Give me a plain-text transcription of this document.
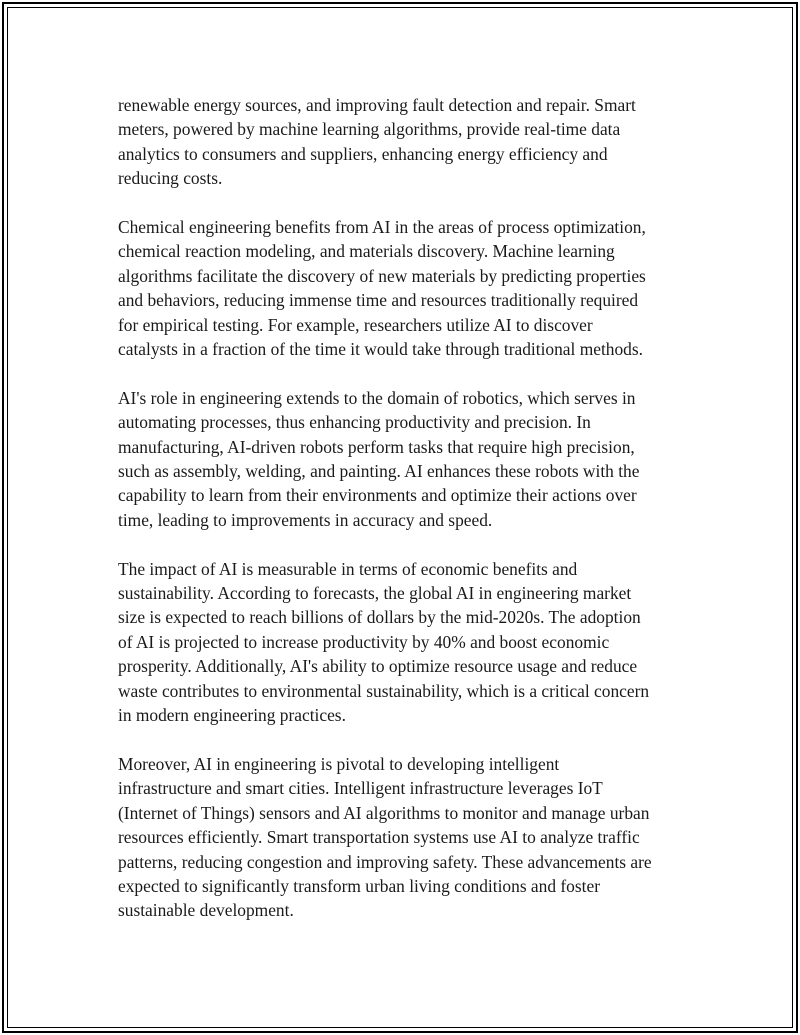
renewable energy sources, and improving fault detection and repair. Smart
meters, powered by machine learning algorithms, provide real-time data
analytics to consumers and suppliers, enhancing energy efficiency and
reducing costs.

Chemical engineering benefits from AI in the areas of process optimization,
chemical reaction modeling, and materials discovery. Machine learning
algorithms facilitate the discovery of new materials by predicting properties
and behaviors, reducing immense time and resources traditionally required
for empirical testing. For example, researchers utilize AI to discover
catalysts in a fraction of the time it would take through traditional methods.

AI's role in engineering extends to the domain of robotics, which serves in
automating processes, thus enhancing productivity and precision. In
manufacturing, AI-driven robots perform tasks that require high precision,
such as assembly, welding, and painting. AI enhances these robots with the
capability to learn from their environments and optimize their actions over
time, leading to improvements in accuracy and speed.

The impact of AI is measurable in terms of economic benefits and
sustainability. According to forecasts, the global AI in engineering market
size is expected to reach billions of dollars by the mid-2020s. The adoption
of AI is projected to increase productivity by 40% and boost economic
prosperity. Additionally, AI's ability to optimize resource usage and reduce
waste contributes to environmental sustainability, which is a critical concern
in modern engineering practices.

Moreover, AI in engineering is pivotal to developing intelligent
infrastructure and smart cities. Intelligent infrastructure leverages IoT
(Internet of Things) sensors and AI algorithms to monitor and manage urban
resources efficiently. Smart transportation systems use AI to analyze traffic
patterns, reducing congestion and improving safety. These advancements are
expected to significantly transform urban living conditions and foster
sustainable development.
